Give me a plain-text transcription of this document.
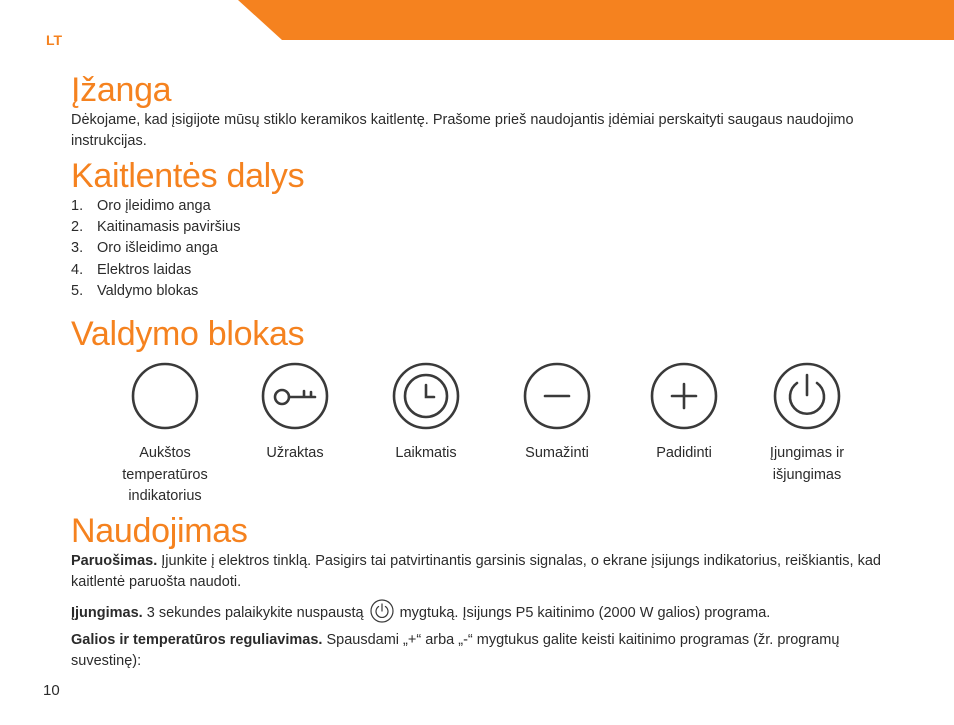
LT
Įžanga

Dėkojame, kad įsigijote mūsų stiklo keramikos kaitlentę. Prašome prieš naudojantis įdėmiai perskaityti saugaus naudojimo instrukcijas.

Kaitlentės dalys
1. Oro įleidimo anga
2. Kaitinamasis paviršius
3. Oro išleidimo anga
4. Elektros laidas
5. Valdymo blokas
Valdymo blokas
Aukštos temperatūros indikatorius
Užraktas	Laikmatis	Sumažinti	Padidinti	Įjungimas ir išjungimas
Naudojimas

Paruošimas. Įjunkite į elektros tinklą. Pasigirs tai patvirtinantis garsinis signalas, o ekrane įsijungs indikatorius, reiškiantis, kad kaitlentė paruošta naudoti.

Įjungimas. 3 sekundes palaikykite nuspaustą mygtuką. Įsijungs P5 kaitinimo (2000 W galios) programa.

Galios ir temperatūros reguliavimas. Spausdami „+“ arba „-“ mygtukus galite keisti kaitinimo programas (žr. programų suvestinę):

10
